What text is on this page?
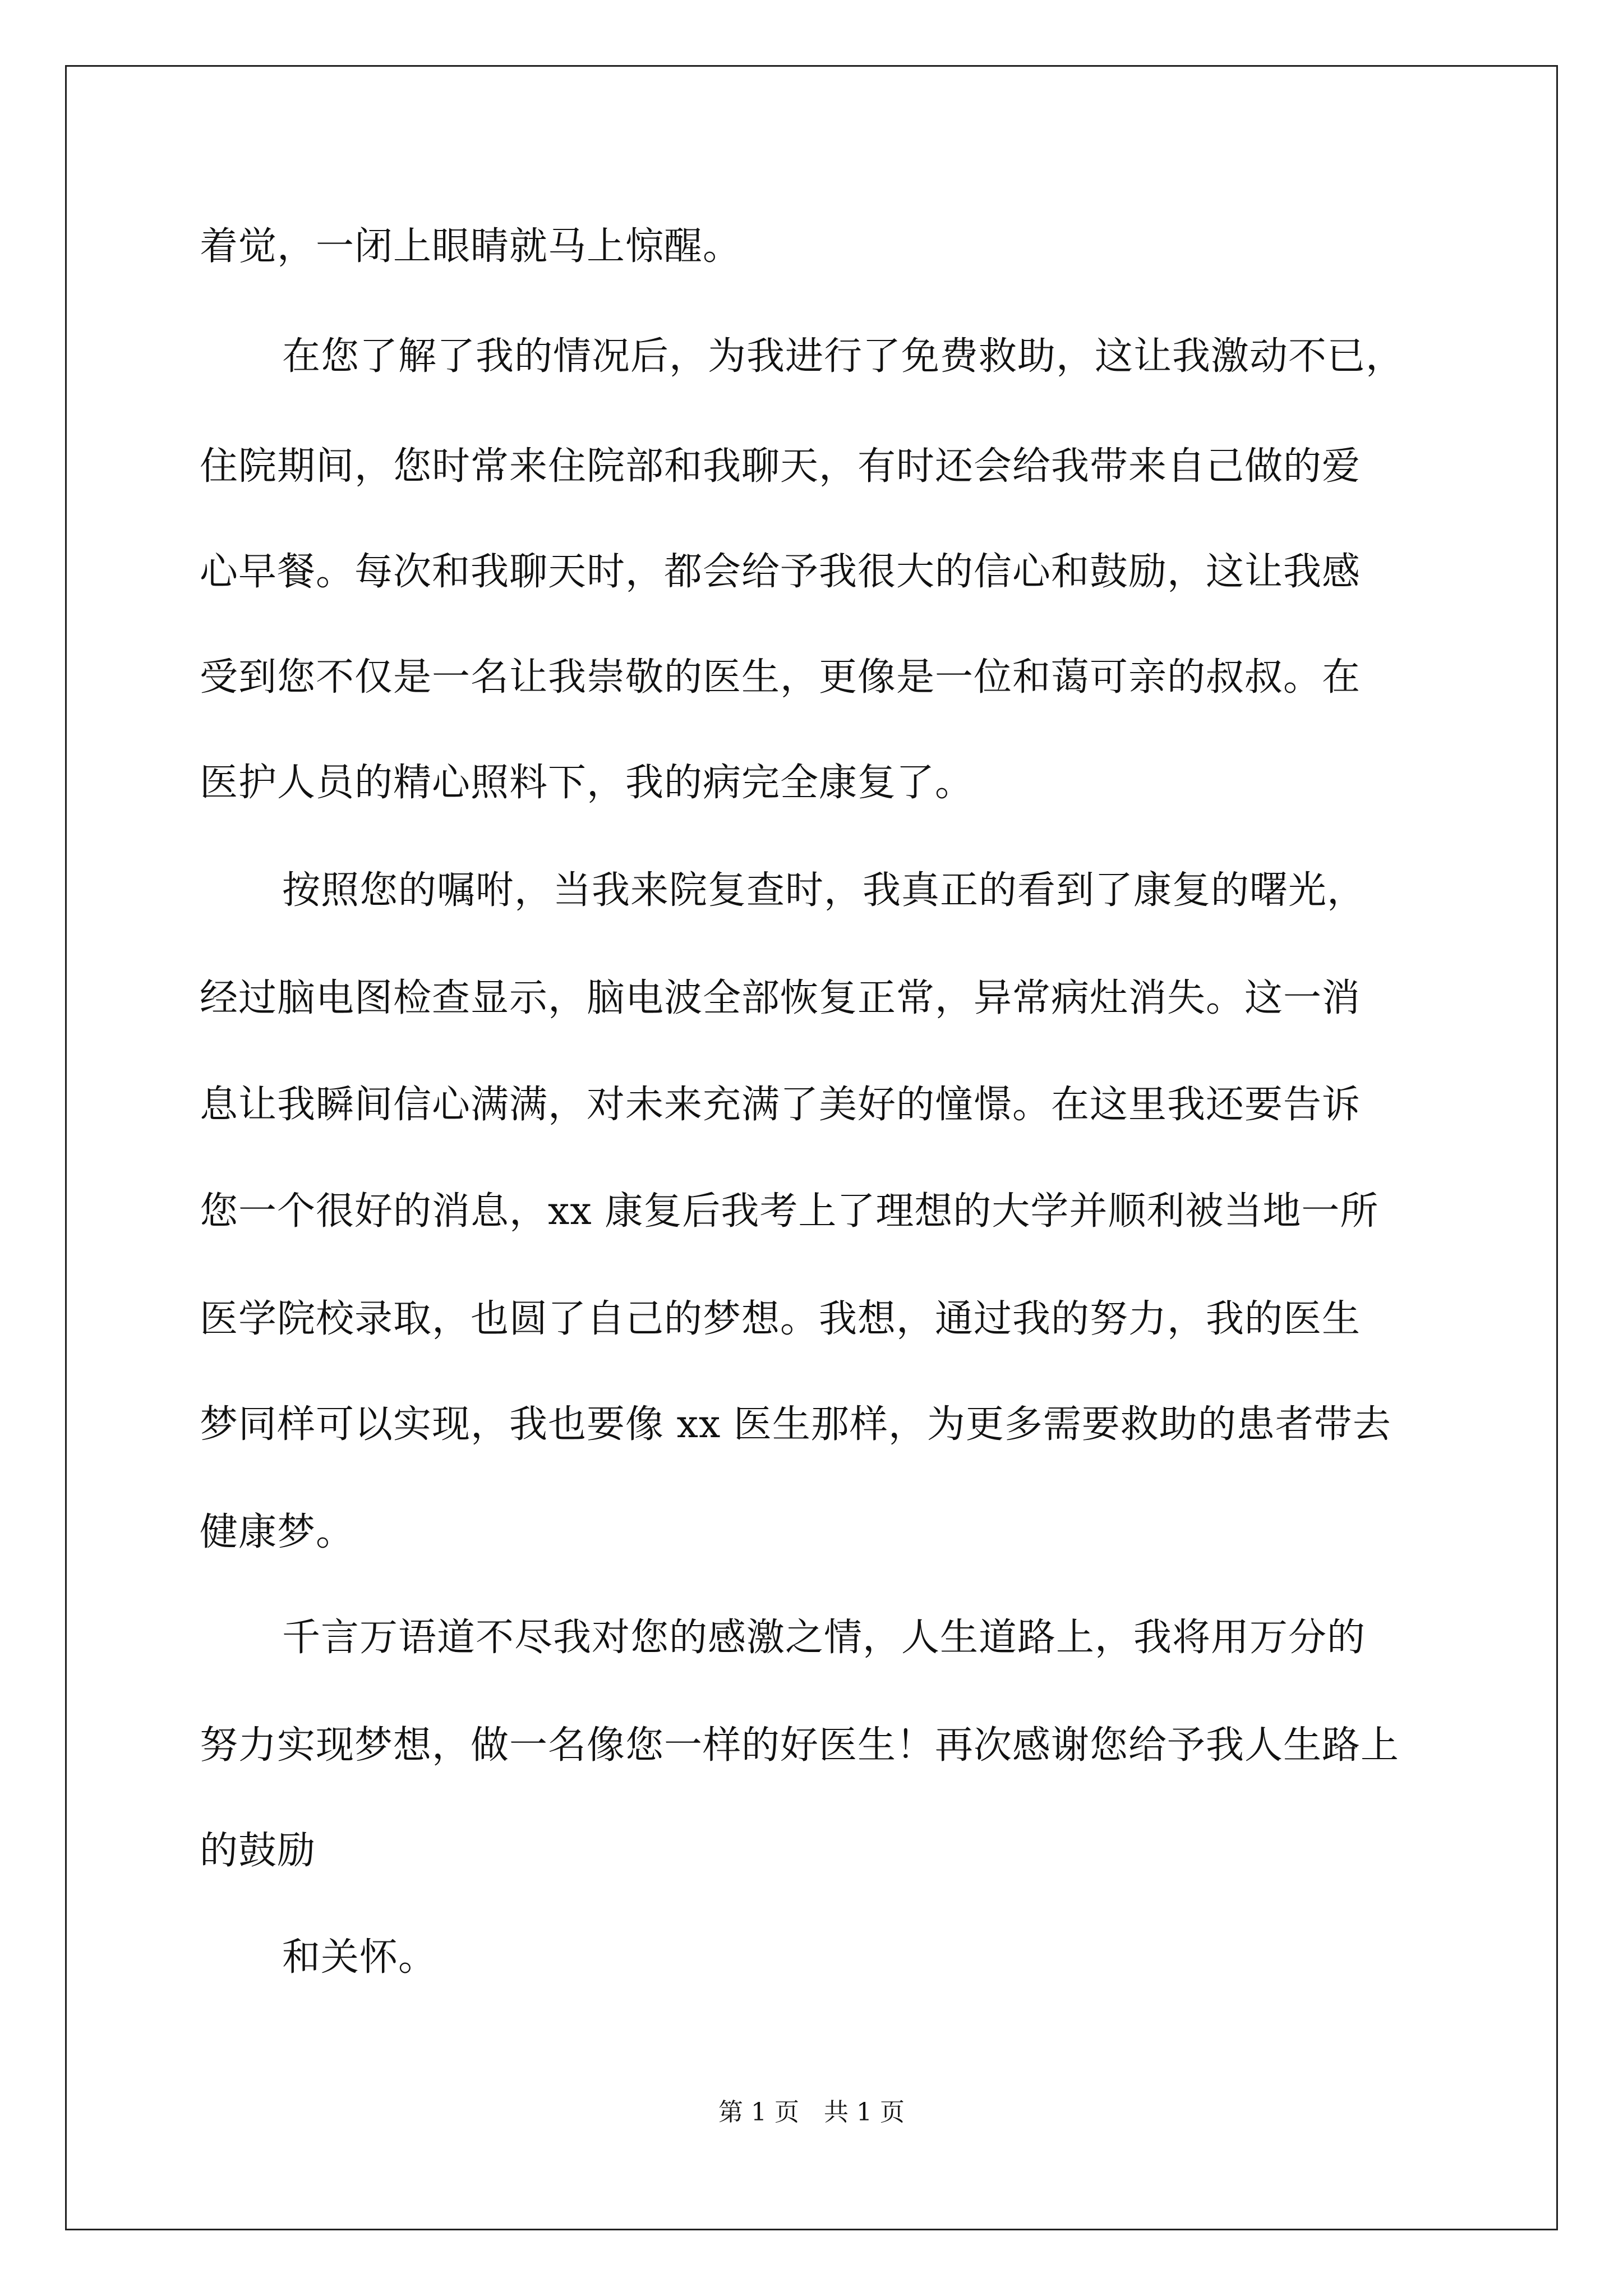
着觉，一闭上眼睛就马上惊醒。
在您了解了我的情况后，为我进行了免费救助，这让我激动不已，
住院期间，您时常来住院部和我聊天，有时还会给我带来自己做的爱
心早餐。每次和我聊天时，都会给予我很大的信心和鼓励，这让我感
受到您不仅是一名让我崇敬的医生，更像是一位和蔼可亲的叔叔。在
医护人员的精心照料下，我的病完全康复了。
按照您的嘱咐，当我来院复查时，我真正的看到了康复的曙光，
经过脑电图检查显示，脑电波全部恢复正常，异常病灶消失。这一消
息让我瞬间信心满满，对未来充满了美好的憧憬。在这里我还要告诉
您一个很好的消息，xx 康复后我考上了理想的大学并顺利被当地一所
医学院校录取，也圆了自己的梦想。我想，通过我的努力，我的医生
梦同样可以实现，我也要像 xx 医生那样，为更多需要救助的患者带去
健康梦。
千言万语道不尽我对您的感激之情，人生道路上，我将用万分的
努力实现梦想，做一名像您一样的好医生！再次感谢您给予我人生路上
的鼓励
和关怀。
第 1 页　共 1 页
